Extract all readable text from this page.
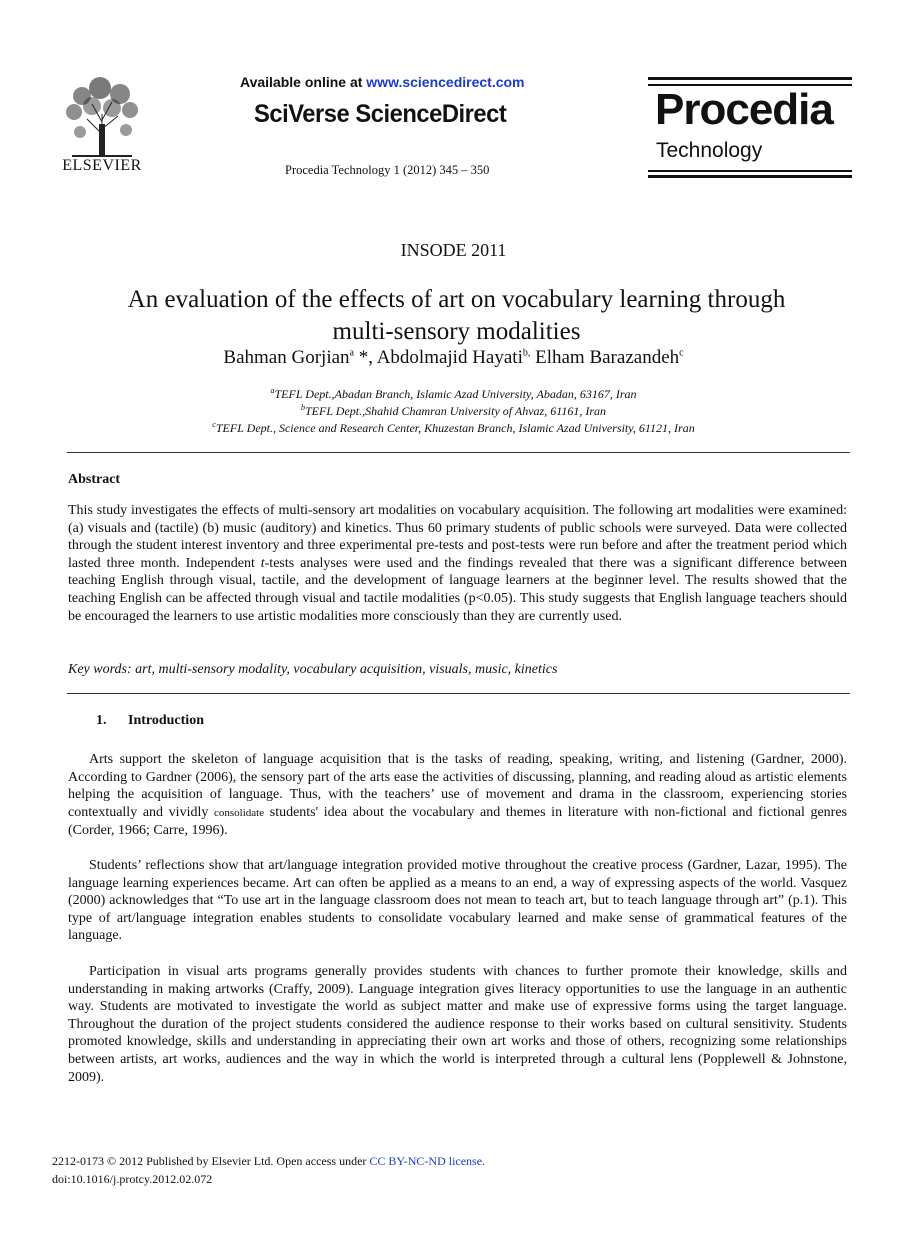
ELSEVIER
Available online at www.sciencedirect.com
SciVerse ScienceDirect
Procedia Technology 1 (2012) 345 – 350
Procedia
Technology
INSODE 2011
An evaluation of the effects of art on vocabulary learning through
multi-sensory modalities
Bahman Gorjian$^a$ *, Abdolmajid Hayati$^{b,}$ Elham Barazandeh$^c$
$^a$TEFL Dept.,Abadan Branch, Islamic Azad University, Abadan, 63167, Iran
$^b$TEFL Dept.,Shahid Chamran University of Ahvaz, 61161, Iran
$^c$TEFL Dept., Science and Research Center, Khuzestan Branch, Islamic Azad University, 61121, Iran
Abstract
This study investigates the effects of multi-sensory art modalities on vocabulary acquisition. The following art modalities were examined: (a) visuals and (tactile) (b) music (auditory) and kinetics. Thus 60 primary students of public schools were surveyed. Data were collected through the student interest inventory and three experimental pre-tests and post-tests were run before and after the treatment period which lasted three month. Independent t-tests analyses were used and the findings revealed that there was a significant difference between teaching English through visual, tactile, and the development of language learners at the beginner level. The results showed that the teaching English can be affected through visual and tactile modalities (p<0.05). This study suggests that English language teachers should be encouraged the learners to use artistic modalities more consciously than they are currently used.
Key words: art, multi-sensory modality, vocabulary acquisition, visuals, music, kinetics
1. Introduction
Arts support the skeleton of language acquisition that is the tasks of reading, speaking, writing, and listening (Gardner, 2000). According to Gardner (2006), the sensory part of the arts ease the activities of discussing, planning, and reading aloud as artistic elements helping the acquisition of language. Thus, with the teachers’ use of movement and drama in the classroom, experiencing stories contextually and vividly consolidate students' idea about the vocabulary and themes in literature with non-fictional and fictional genres (Corder, 1966; Carre, 1996).
Students’ reflections show that art/language integration provided motive throughout the creative process (Gardner, Lazar, 1995). The language learning experiences became. Art can often be applied as a means to an end, a way of expressing aspects of the world. Vasquez (2000) acknowledges that “To use art in the language classroom does not mean to teach art, but to teach language through art” (p.1). This type of art/language integration enables students to consolidate vocabulary learned and make sense of grammatical features of the language.
Participation in visual arts programs generally provides students with chances to further promote their knowledge, skills and understanding in making artworks (Craffy, 2009). Language integration gives literacy opportunities to use the language in an authentic way. Students are motivated to investigate the world as subject matter and make use of expressive forms using the target language. Throughout the duration of the project students considered the audience response to their works based on cultural sensitivity. Students promoted knowledge, skills and understanding in appreciating their own art works and those of others, recognizing some relationships between artists, art works, audiences and the way in which the world is interpreted through a cultural lens (Popplewell & Johnstone, 2009).
2212-0173 © 2012 Published by Elsevier Ltd. Open access under CC BY-NC-ND license.
doi:10.1016/j.protcy.2012.02.072
